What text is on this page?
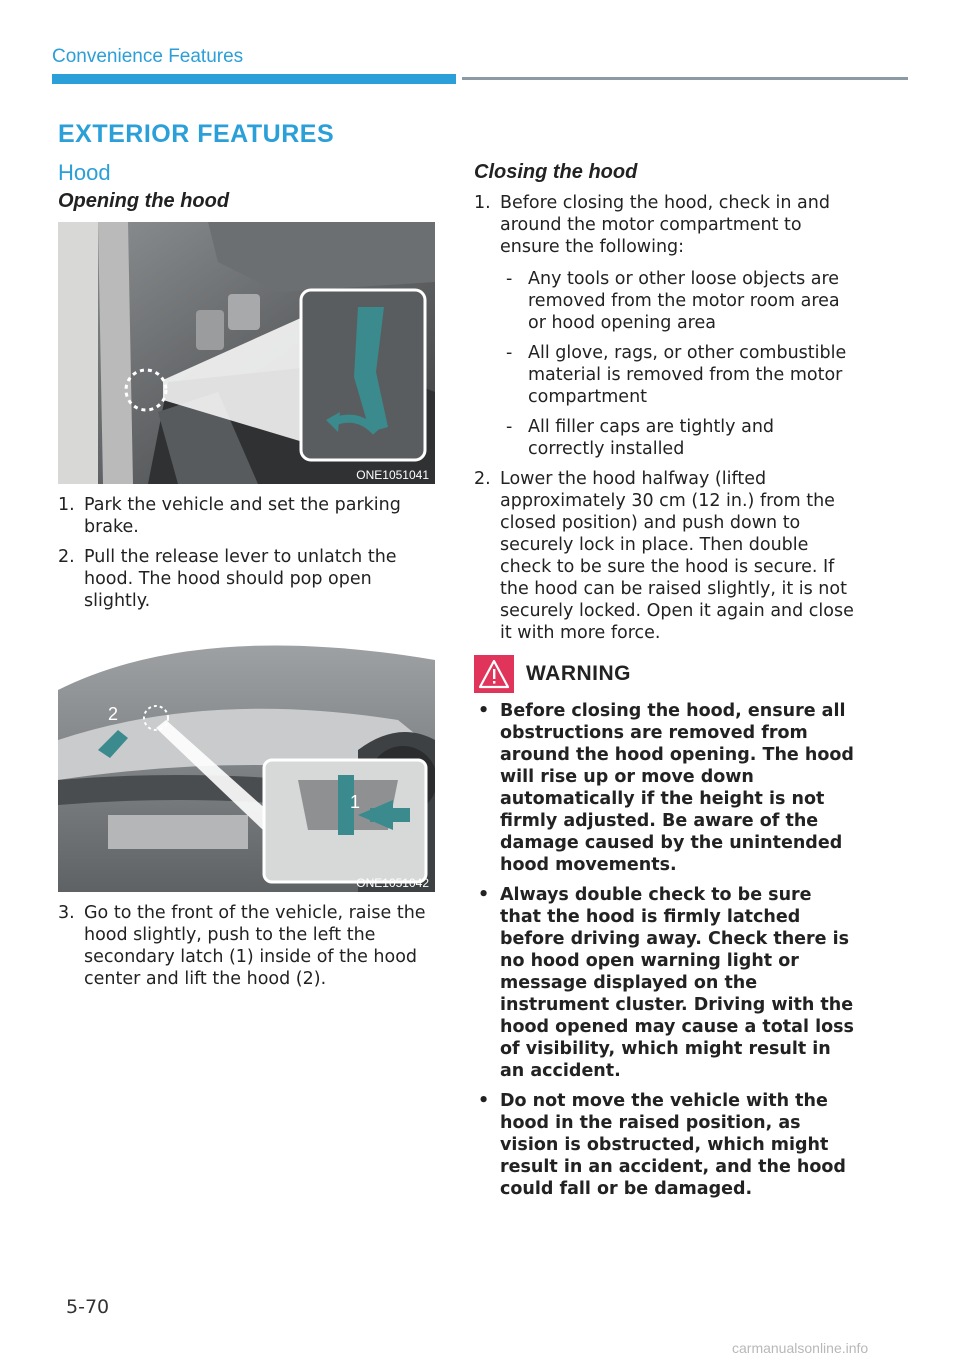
Convenience Features
EXTERIOR FEATURES
Hood
Opening the hood
ONE1051041
1. Park the vehicle and set the parking brake.
2. Pull the release lever to unlatch the hood. The hood should pop open slightly.
2
1
ONE1051042
3. Go to the front of the vehicle, raise the hood slightly, push to the left the secondary latch (1) inside of the hood center and lift the hood (2).
Closing the hood
1. Before closing the hood, check in and around the motor compartment to ensure the following:
- Any tools or other loose objects are removed from the motor room area or hood opening area
- All glove, rags, or other combustible material is removed from the motor compartment
- All filler caps are tightly and correctly installed
2. Lower the hood halfway (lifted approximately 30 cm (12 in.) from the closed position) and push down to securely lock in place. Then double check to be sure the hood is secure. If the hood can be raised slightly, it is not securely locked. Open it again and close it with more force.
WARNING
• Before closing the hood, ensure all obstructions are removed from around the hood opening. The hood will rise up or move down automatically if the height is not firmly adjusted. Be aware of the damage caused by the unintended hood movements.
• Always double check to be sure that the hood is firmly latched before driving away. Check there is no hood open warning light or message displayed on the instrument cluster. Driving with the hood opened may cause a total loss of visibility, which might result in an accident.
• Do not move the vehicle with the hood in the raised position, as vision is obstructed, which might result in an accident, and the hood could fall or be damaged.
5-70
carmanualsonline.info
